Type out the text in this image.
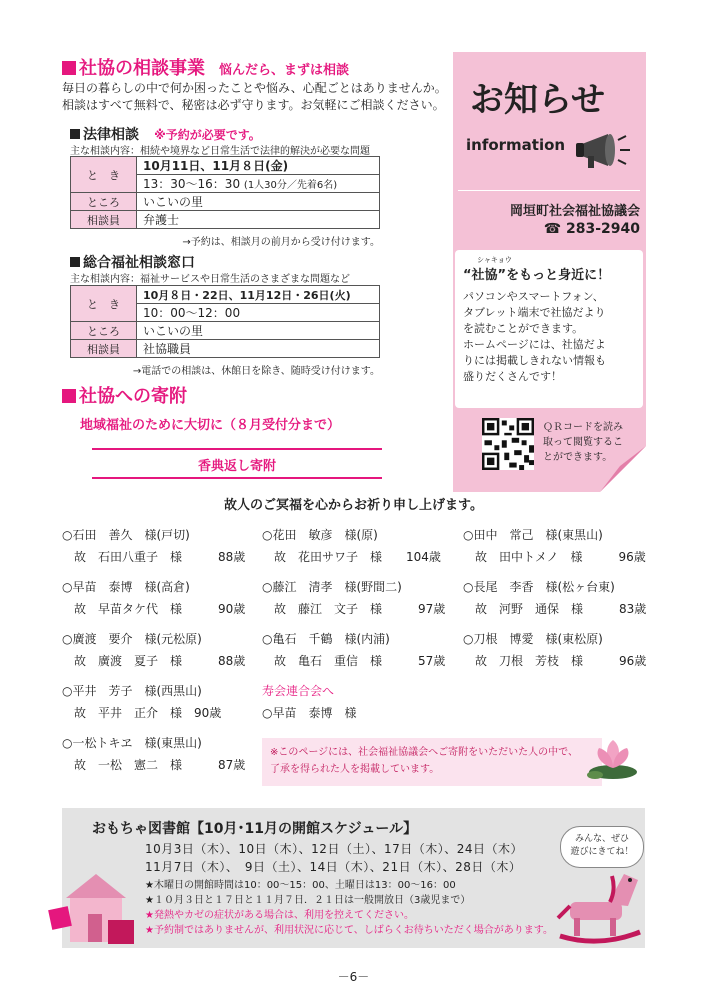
社協の相談事業 悩んだら、まずは相談
毎日の暮らしの中で何か困ったことや悩み、心配ごとはありませんか。
相談はすべて無料で、秘密は必ず守ります。お気軽にご相談ください。
法律相談 ※予約が必要です。
主な相談内容：相続や境界など日常生活で法律的解決が必要な問題
と　き	10月11日、11月８日(金)
	13：30〜16：30 (1人30分／先着6名)
ところ	いこいの里
相談員	弁護士
→予約は、相談月の前月から受け付けます。
総合福祉相談窓口
主な相談内容：福祉サービスや日常生活のさまざまな問題など
と　き	10月８日・22日、11月12日・26日(火)
	10：00〜12：00
ところ	いこいの里
相談員	社協職員
→電話での相談は、休館日を除き、随時受け付けます。
社協への寄附
地域福祉のために大切に（８月受付分まで）
香典返し寄附
故人のご冥福を心からお祈り申し上げます。
○石田　善久　様(戸切)
　故　石田八重子　様　　　88歳
○花田　敏彦　様(原)
　故　花田サワ子　様　　104歳
○田中　常己　様(東黒山)
　故　田中トメノ　様　　　96歳
○早苗　泰博　様(高倉)
　故　早苗タケ代　様　　　90歳
○藤江　清孝　様(野間二)
　故　藤江　文子　様　　　97歳
○長尾　李香　様(松ヶ台東)
　故　河野　通保　様　　　83歳
○廣渡　要介　様(元松原)
　故　廣渡　夏子　様　　　88歳
○亀石　千鶴　様(内浦)
　故　亀石　重信　様　　　57歳
○刀根　博愛　様(東松原)
　故　刀根　芳枝　様　　　96歳
○平井　芳子　様(西黒山)
　故　平井　正介　様　90歳
寿会連合会へ
○早苗　泰博　様
○一松トキヱ　様(東黒山)
　故　一松　憲二　様　　　87歳
※このページには、社会福祉協議会へご寄附をいただいた人の中で、
了承を得られた人を掲載しています。
お知らせ
information
岡垣町社会福祉協議会
☎ 283-2940
シャキョウ
“社協”をもっと身近に！
パソコンやスマートフォン、
タブレット端末で社協だより
を読むことができます。
ホームページには、社協だよ
りには掲載しきれない情報も
盛りだくさんです！
ＱＲコードを読み
取って閲覧するこ
とができます。
おもちゃ図書館【10月･11月の開館スケジュール】
10月3日（木）、10日（木）、12日（土）、17日（木）、24日（木）
11月7日（木）、　9日（土）、14日（木）、21日（木）、28日（木）
★木曜日の開館時間は10：00〜15：00、土曜日は13：00〜16：00
★１０月３日と１７日と１１月７日．２１日は一般開放日（3歳児まで）
★発熱やカゼの症状がある場合は、利用を控えてください。
★予約制ではありませんが、利用状況に応じて、しばらくお待ちいただく場合があります。
みんな、ぜひ
遊びにきてね！
－6－
